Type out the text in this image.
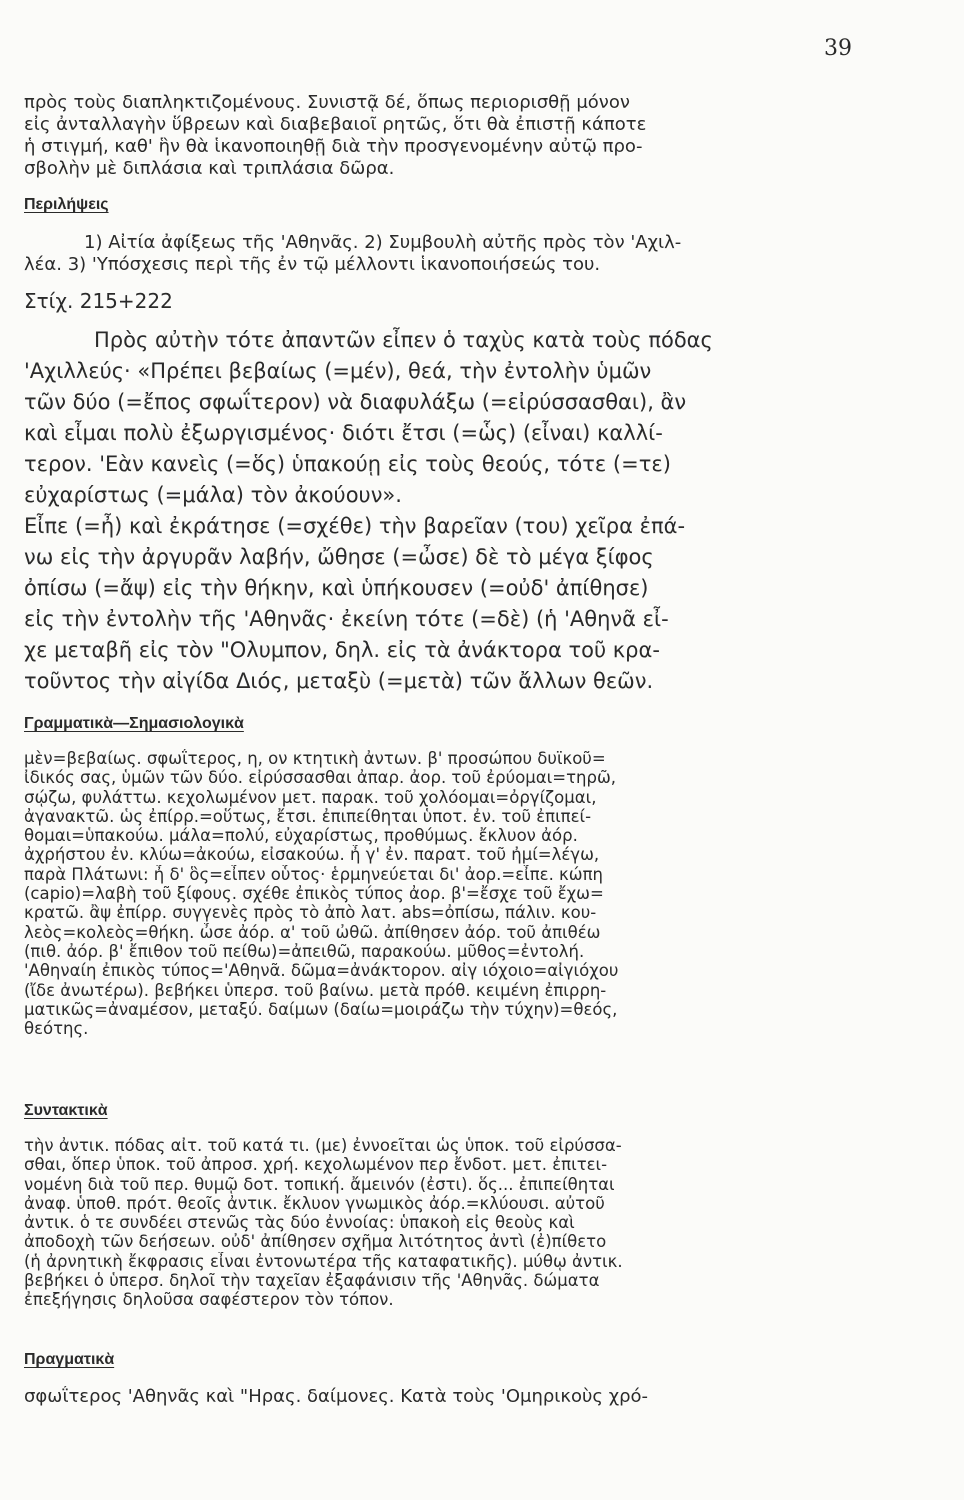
39
πρὸς τοὺς διαπληκτιζομένους. Συνιστᾷ δέ, ὅπως περιορισθῇ μόνον
εἰς ἀνταλλαγὴν ὕβρεων καὶ διαβεβαιοῖ ρητῶς, ὅτι θὰ ἐπιστῇ κάποτε
ἡ στιγμή, καθ' ἣν θὰ ἱκανοποιηθῇ διὰ τὴν προσγενομένην αὐτῷ προ-
σβολὴν μὲ διπλάσια καὶ τριπλάσια δῶρα.
Περιλήψεις
1) Αἰτία ἀφίξεως τῆς 'Αθηνᾶς. 2) Συμβουλὴ αὐτῆς πρὸς τὸν 'Αχιλ-
λέα. 3) 'Υπόσχεσις περὶ τῆς ἐν τῷ μέλλοντι ἱκανοποιήσεώς του.
Στίχ. 215+222
Πρὸς αὐτὴν τότε ἀπαντῶν εἶπεν ὁ ταχὺς κατὰ τοὺς πόδας
'Αχιλλεύς· «Πρέπει βεβαίως (=μέν), θεά, τὴν ἐντολὴν ὑμῶν
τῶν δύο (=ἔπος σφωΐτερον) νὰ διαφυλάξω (=εἰρύσσασθαι), ἂν
καὶ εἶμαι πολὺ ἐξωργισμένος· διότι ἔτσι (=ὧς) (εἶναι) καλλί-
τερον. 'Εὰν κανεὶς (=ὅς) ὑπακούῃ εἰς τοὺς θεούς, τότε (=τε)
εὐχαρίστως (=μάλα) τὸν ἀκούουν».
Εἶπε (=ἦ) καὶ ἐκράτησε (=σχέθε) τὴν βαρεῖαν (του) χεῖρα ἐπά-
νω εἰς τὴν ἀργυρᾶν λαβήν, ὤθησε (=ὦσε) δὲ τὸ μέγα ξίφος
ὀπίσω (=ἄψ) εἰς τὴν θήκην, καὶ ὑπήκουσεν (=οὐδ' ἀπίθησε)
εἰς τὴν ἐντολὴν τῆς 'Αθηνᾶς· ἐκείνη τότε (=δὲ) (ἡ 'Αθηνᾶ εἶ-
χε μεταβῆ εἰς τὸν "Ολυμπον, δηλ. εἰς τὰ ἀνάκτορα τοῦ κρα-
τοῦντος τὴν αἰγίδα Διός, μεταξὺ (=μετὰ) τῶν ἄλλων θεῶν.
Γραμματικὰ—Σημασιολογικὰ
μὲν=βεβαίως. σφωΐτερος, η, ον κτητικὴ ἀντων. β' προσώπου δυϊκοῦ=
ἰδικός σας, ὑμῶν τῶν δύο. εἰρύσσασθαι ἀπαρ. ἀορ. τοῦ ἐρύομαι=τηρῶ,
σῴζω, φυλάττω. κεχολωμένον μετ. παρακ. τοῦ χολόομαι=ὀργίζομαι,
ἀγανακτῶ. ὡς ἐπίρρ.=οὕτως, ἔτσι. ἐπιπείθηται ὑποτ. ἐν. τοῦ ἐπιπεί-
θομαι=ὑπακούω. μάλα=πολύ, εὐχαρίστως, προθύμως. ἔκλυον ἀόρ.
ἀχρήστου ἐν. κλύω=ἀκούω, εἰσακούω. ἦ γ' ἐν. παρατ. τοῦ ἠμί=λέγω,
παρὰ Πλάτωνι: ἦ δ' ὃς=εἶπεν οὗτος· ἑρμηνεύεται δι' ἀορ.=εἶπε. κώπη
(capio)=λαβὴ τοῦ ξίφους. σχέθε ἐπικὸς τύπος ἀορ. β'=ἔσχε τοῦ ἔχω=
κρατῶ. ἂψ ἐπίρρ. συγγενὲς πρὸς τὸ ἀπὸ λατ. abs=ὀπίσω, πάλιν. κου-
λεὸς=κολεὸς=θήκη. ὦσε ἀόρ. α' τοῦ ὠθῶ. ἀπίθησεν ἀόρ. τοῦ ἀπιθέω
(πιθ. ἀόρ. β' ἔπιθον τοῦ πείθω)=ἀπειθῶ, παρακούω. μῦθος=ἐντολή.
'Αθηναίη ἐπικὸς τύπος='Αθηνᾶ. δῶμα=ἀνάκτορον. αἰγ ιόχοιο=αἰγιόχου
(ἴδε ἀνωτέρω). βεβήκει ὑπερσ. τοῦ βαίνω. μετὰ πρόθ. κειμένη ἐπιρρη-
ματικῶς=ἀναμέσον, μεταξύ. δαίμων (δαίω=μοιράζω τὴν τύχην)=θεός,
θεότης.
Συντακτικὰ
τὴν ἀντικ. πόδας αἰτ. τοῦ κατά τι. (με) ἐννοεῖται ὡς ὑποκ. τοῦ εἰρύσσα-
σθαι, ὅπερ ὑποκ. τοῦ ἀπροσ. χρή. κεχολωμένον περ ἔνδοτ. μετ. ἐπιτει-
νομένη διὰ τοῦ περ. θυμῷ δοτ. τοπική. ἄμεινόν (ἐστι). ὅς... ἐπιπείθηται
ἀναφ. ὑποθ. πρότ. θεοῖς ἀντικ. ἔκλυον γνωμικὸς ἀόρ.=κλύουσι. αὐτοῦ
ἀντικ. ὁ τε συνδέει στενῶς τὰς δύο ἐννοίας: ὑπακοὴ εἰς θεοὺς καὶ
ἀποδοχὴ τῶν δεήσεων. οὐδ' ἀπίθησεν σχῆμα λιτότητος ἀντὶ (ἐ)πίθετο
(ἡ ἀρνητικὴ ἔκφρασις εἶναι ἐντονωτέρα τῆς καταφατικῆς). μύθῳ ἀντικ.
βεβήκει ὁ ὑπερσ. δηλοῖ τὴν ταχεῖαν ἐξαφάνισιν τῆς 'Αθηνᾶς. δώματα
ἐπεξήγησις δηλοῦσα σαφέστερον τὸν τόπον.
Πραγματικὰ
σφωΐτερος 'Αθηνᾶς καὶ "Ηρας. δαίμονες. Κατὰ τοὺς 'Ομηρικοὺς χρό-
